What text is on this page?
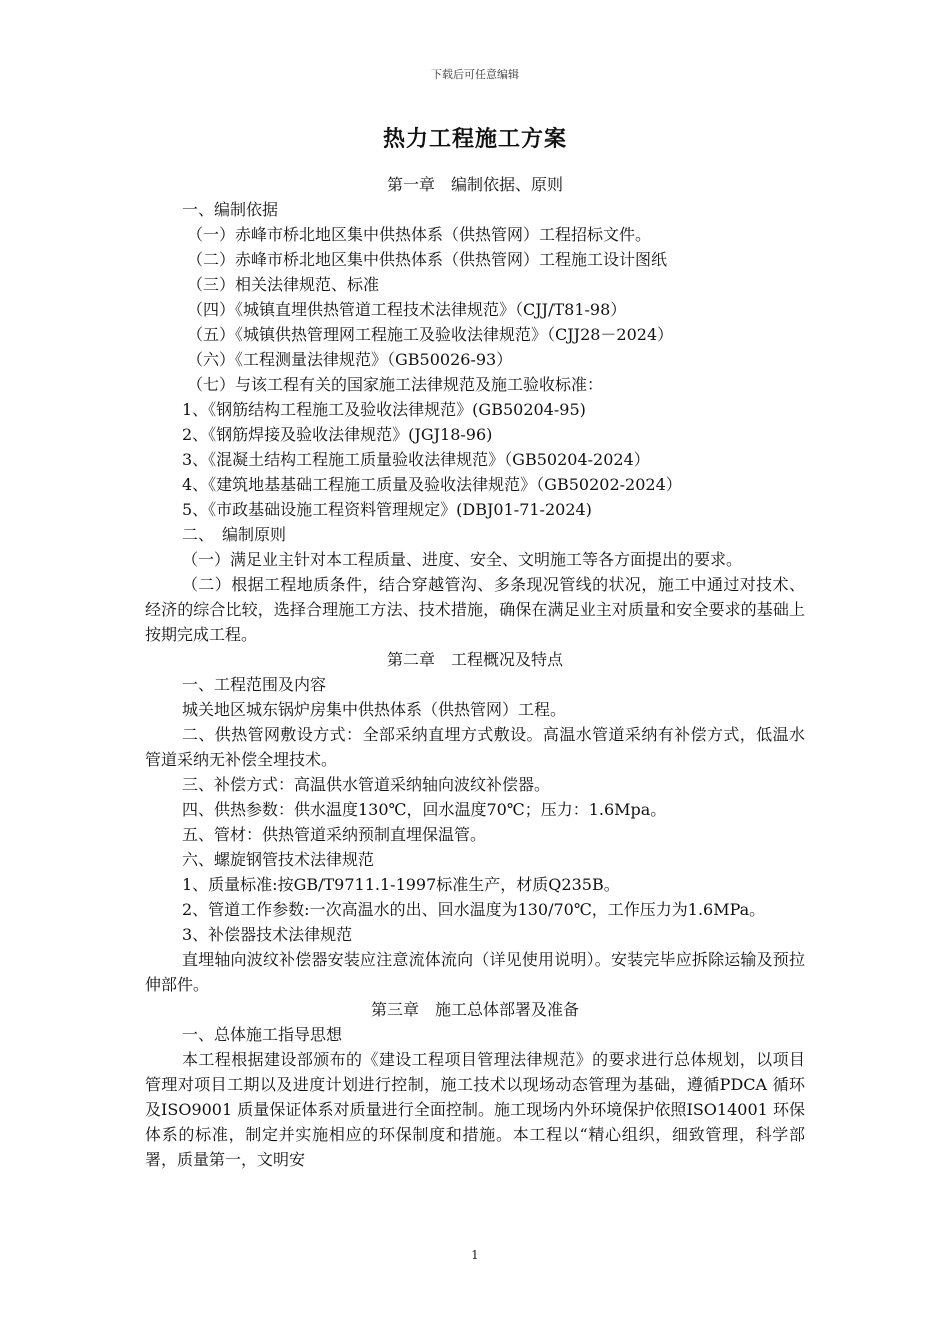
下载后可任意编辑
热力工程施工方案
第一章　编制依据、原则
一、编制依据
（一）赤峰市桥北地区集中供热体系（供热管网）工程招标文件。
（二）赤峰市桥北地区集中供热体系（供热管网）工程施工设计图纸
（三）相关法律规范、标准
（四）《城镇直埋供热管道工程技术法律规范》（CJJ/T81-98）
（五）《城镇供热管理网工程施工及验收法律规范》（CJJ28－2024）
（六）《工程测量法律规范》（GB50026-93）
（七）与该工程有关的国家施工法律规范及施工验收标准：
1、《钢筋结构工程施工及验收法律规范》(GB50204-95)
2、《钢筋焊接及验收法律规范》(JGJ18-96)
3、《混凝土结构工程施工质量验收法律规范》（GB50204-2024）
4、《建筑地基基础工程施工质量及验收法律规范》（GB50202-2024）
5、《市政基础设施工程资料管理规定》(DBJ01-71-2024)
二、　编制原则
（一）满足业主针对本工程质量、进度、安全、文明施工等各方面提出的要求。
（二）根据工程地质条件，结合穿越管沟、多条现况管线的状况，施工中通过对技术、经济的综合比较，选择合理施工方法、技术措施，确保在满足业主对质量和安全要求的基础上按期完成工程。
第二章　工程概况及特点
一、工程范围及内容
城关地区城东锅炉房集中供热体系（供热管网）工程。
二、供热管网敷设方式：全部采纳直埋方式敷设。高温水管道采纳有补偿方式，低温水管道采纳无补偿全埋技术。
三、补偿方式：高温供水管道采纳轴向波纹补偿器。
四、供热参数：供水温度130℃，回水温度70℃；压力：1.6Mpa。
五、管材：供热管道采纳预制直埋保温管。
六、螺旋钢管技术法律规范
1、质量标准:按GB/T9711.1-1997标准生产，材质Q235B。
2、管道工作参数:一次高温水的出、回水温度为130/70℃，工作压力为1.6MPa。
3、补偿器技术法律规范
直埋轴向波纹补偿器安装应注意流体流向（详见使用说明）。安装完毕应拆除运输及预拉伸部件。
第三章　施工总体部署及准备
一、总体施工指导思想
本工程根据建设部颁布的《建设工程项目管理法律规范》的要求进行总体规划，以项目管理对项目工期以及进度计划进行控制，施工技术以现场动态管理为基础，遵循PDCA 循环及ISO9001 质量保证体系对质量进行全面控制。施工现场内外环境保护依照ISO14001 环保体系的标准，制定并实施相应的环保制度和措施。本工程以“精心组织，细致管理，科学部署，质量第一，文明安
1
